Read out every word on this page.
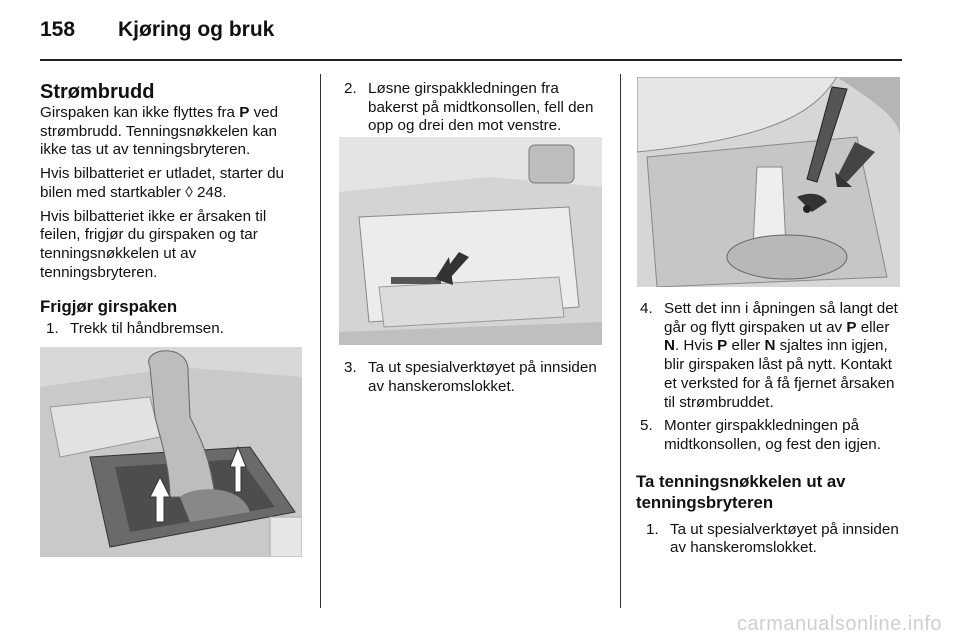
158 Kjøring og bruk

Strømbrudd

Girspaken kan ikke flyttes fra P ved strømbrudd. Tenningsnøkkelen kan ikke tas ut av tenningsbryteren.

Hvis bilbatteriet er utladet, starter du bilen med startkabler ◊ 248.

Hvis bilbatteriet ikke er årsaken til feilen, frigjør du girspaken og tar tenningsnøkkelen ut av tenningsbryteren.

Frigjør girspaken

1. Trekk til håndbremsen.
2. Løsne girspakkledningen fra bakerst på midtkonsollen, fell den opp og drei den mot venstre.
3. Ta ut spesialverktøyet på innsiden av hanskeromslokket.
4. Sett det inn i åpningen så langt det går og flytt girspaken ut av P eller N. Hvis P eller N sjaltes inn igjen, blir girspaken låst på nytt. Kontakt et verksted for å få fjernet årsaken til strømbruddet.
5. Monter girspakkledningen på midtkonsollen, og fest den igjen.

Ta tenningsnøkkelen ut av tenningsbryteren

1. Ta ut spesialverktøyet på innsiden av hanskeromslokket.
carmanualsonline.info
